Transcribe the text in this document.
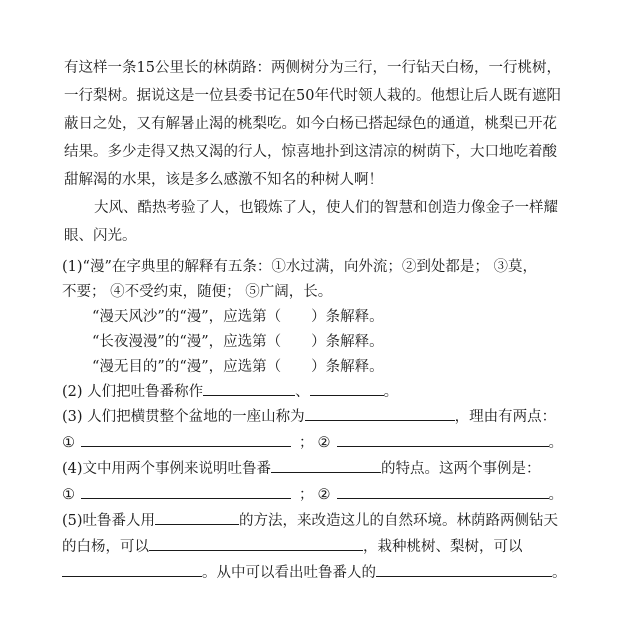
有这样一条15公里长的林荫路：两侧树分为三行，一行钻天白杨，一行桃树，
一行梨树。据说这是一位县委书记在50年代时领人栽的。他想让后人既有遮阳
蔽日之处，又有解暑止渴的桃梨吃。如今白杨已搭起绿色的通道，桃梨已开花
结果。多少走得又热又渴的行人，惊喜地扑到这清凉的树荫下，大口地吃着酸
甜解渴的水果，该是多么感激不知名的种树人啊！
大风、酷热考验了人，也锻炼了人，使人们的智慧和创造力像金子一样耀
眼、闪光。
(1)“漫”在字典里的解释有五条：①水过满，向外流；②到处都是； ③莫，
不要； ④不受约束，随便； ⑤广阔，长。
“漫天风沙”的“漫”，应选第（ ）条解释。
“长夜漫漫”的“漫”，应选第（ ）条解释。
“漫无目的”的“漫”，应选第（ ）条解释。
(2) 人们把吐鲁番称作	、	。
(3) 人们把横贯整个盆地的一座山称为	，理由有两点：
①	； ②	。
(4)文中用两个事例来说明吐鲁番	的特点。这两个事例是：
①	； ②	。
(5)吐鲁番人用	的方法，来改造这儿的自然环境。林荫路两侧钻天
的白杨，可以	，栽种桃树、梨树，可以
。从中可以看出吐鲁番人的	。
